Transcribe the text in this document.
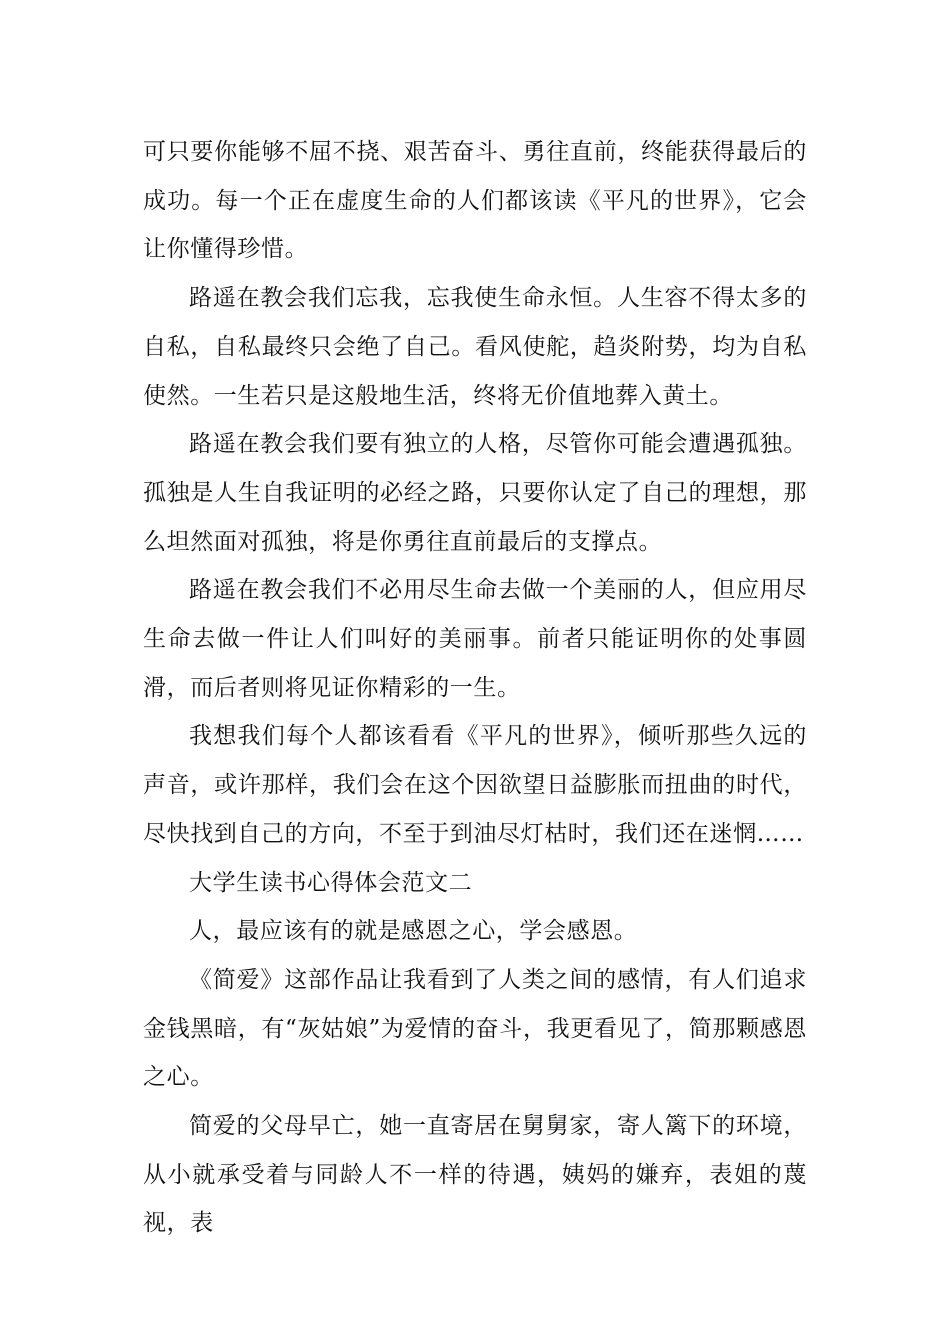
可只要你能够不屈不挠、艰苦奋斗、勇往直前，终能获得最后的成功。每一个正在虚度生命的人们都该读《平凡的世界》，它会让你懂得珍惜。

路遥在教会我们忘我，忘我使生命永恒。人生容不得太多的自私，自私最终只会绝了自己。看风使舵，趋炎附势，均为自私使然。一生若只是这般地生活，终将无价值地葬入黄土。

路遥在教会我们要有独立的人格，尽管你可能会遭遇孤独。孤独是人生自我证明的必经之路，只要你认定了自己的理想，那么坦然面对孤独，将是你勇往直前最后的支撑点。

路遥在教会我们不必用尽生命去做一个美丽的人，但应用尽生命去做一件让人们叫好的美丽事。前者只能证明你的处事圆滑，而后者则将见证你精彩的一生。

我想我们每个人都该看看《平凡的世界》，倾听那些久远的声音，或许那样，我们会在这个因欲望日益膨胀而扭曲的时代，尽快找到自己的方向，不至于到油尽灯枯时，我们还在迷惘……

大学生读书心得体会范文二

人，最应该有的就是感恩之心，学会感恩。

《简爱》这部作品让我看到了人类之间的感情，有人们追求金钱黑暗，有“灰姑娘”为爱情的奋斗，我更看见了，简那颗感恩之心。

简爱的父母早亡，她一直寄居在舅舅家，寄人篱下的环境，从小就承受着与同龄人不一样的待遇，姨妈的嫌弃，表姐的蔑视，表
